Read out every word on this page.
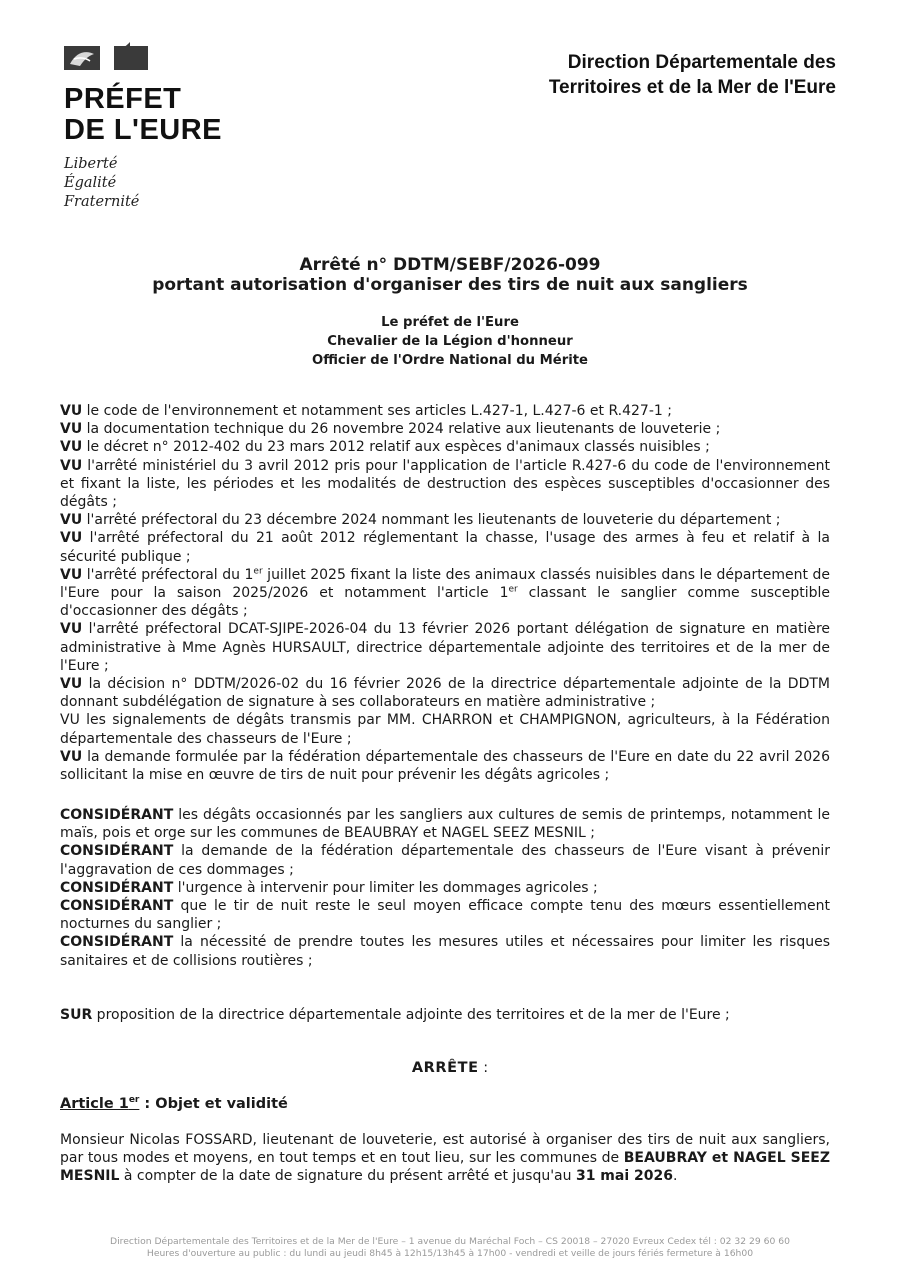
PRÉFET
DE L'EURE
Liberté
Égalité
Fraternité
Direction Départementale des
Territoires et de la Mer de l'Eure
Arrêté n° DDTM/SEBF/2026-099
portant autorisation d'organiser des tirs de nuit aux sangliers
Le préfet de l'Eure
Chevalier de la Légion d'honneur
Officier de l'Ordre National du Mérite

VU le code de l'environnement et notamment ses articles L.427-1, L.427-6 et R.427-1 ;

VU la documentation technique du 26 novembre 2024 relative aux lieutenants de louveterie ;

VU le décret n° 2012-402 du 23 mars 2012 relatif aux espèces d'animaux classés nuisibles ;

VU l'arrêté ministériel du 3 avril 2012 pris pour l'application de l'article R.427-6 du code de l'environnement et fixant la liste, les périodes et les modalités de destruction des espèces susceptibles d'occasionner des dégâts ;

VU l'arrêté préfectoral du 23 décembre 2024 nommant les lieutenants de louveterie du département ;

VU l'arrêté préfectoral du 21 août 2012 réglementant la chasse, l'usage des armes à feu et relatif à la sécurité publique ;

VU l'arrêté préfectoral du 1er juillet 2025 fixant la liste des animaux classés nuisibles dans le département de l'Eure pour la saison 2025/2026 et notamment l'article 1er classant le sanglier comme susceptible d'occasionner des dégâts ;

VU l'arrêté préfectoral DCAT-SJIPE-2026-04 du 13 février 2026 portant délégation de signature en matière administrative à Mme Agnès HURSAULT, directrice départementale adjointe des territoires et de la mer de l'Eure ;

VU la décision n° DDTM/2026-02 du 16 février 2026 de la directrice départementale adjointe de la DDTM donnant subdélégation de signature à ses collaborateurs en matière administrative ;

VU les signalements de dégâts transmis par MM. CHARRON et CHAMPIGNON, agriculteurs, à la Fédération départementale des chasseurs de l'Eure ;

VU la demande formulée par la fédération départementale des chasseurs de l'Eure en date du 22 avril 2026 sollicitant la mise en œuvre de tirs de nuit pour prévenir les dégâts agricoles ;

CONSIDÉRANT les dégâts occasionnés par les sangliers aux cultures de semis de printemps, notamment le maïs, pois et orge sur les communes de BEAUBRAY et NAGEL SEEZ MESNIL ;

CONSIDÉRANT la demande de la fédération départementale des chasseurs de l'Eure visant à prévenir l'aggravation de ces dommages ;

CONSIDÉRANT l'urgence à intervenir pour limiter les dommages agricoles ;

CONSIDÉRANT que le tir de nuit reste le seul moyen efficace compte tenu des mœurs essentiellement nocturnes du sanglier ;

CONSIDÉRANT la nécessité de prendre toutes les mesures utiles et nécessaires pour limiter les risques sanitaires et de collisions routières ;

SUR proposition de la directrice départementale adjointe des territoires et de la mer de l'Eure ;

ARRÊTE :
Article 1er : Objet et validité

Monsieur Nicolas FOSSARD, lieutenant de louveterie, est autorisé à organiser des tirs de nuit aux sangliers, par tous modes et moyens, en tout temps et en tout lieu, sur les communes de BEAUBRAY et NAGEL SEEZ MESNIL à compter de la date de signature du présent arrêté et jusqu'au 31 mai 2026.

Direction Départementale des Territoires et de la Mer de l'Eure – 1 avenue du Maréchal Foch – CS 20018 – 27020 Evreux Cedex tél : 02 32 29 60 60
Heures d'ouverture au public : du lundi au jeudi 8h45 à 12h15/13h45 à 17h00 - vendredi et veille de jours fériés fermeture à 16h00
